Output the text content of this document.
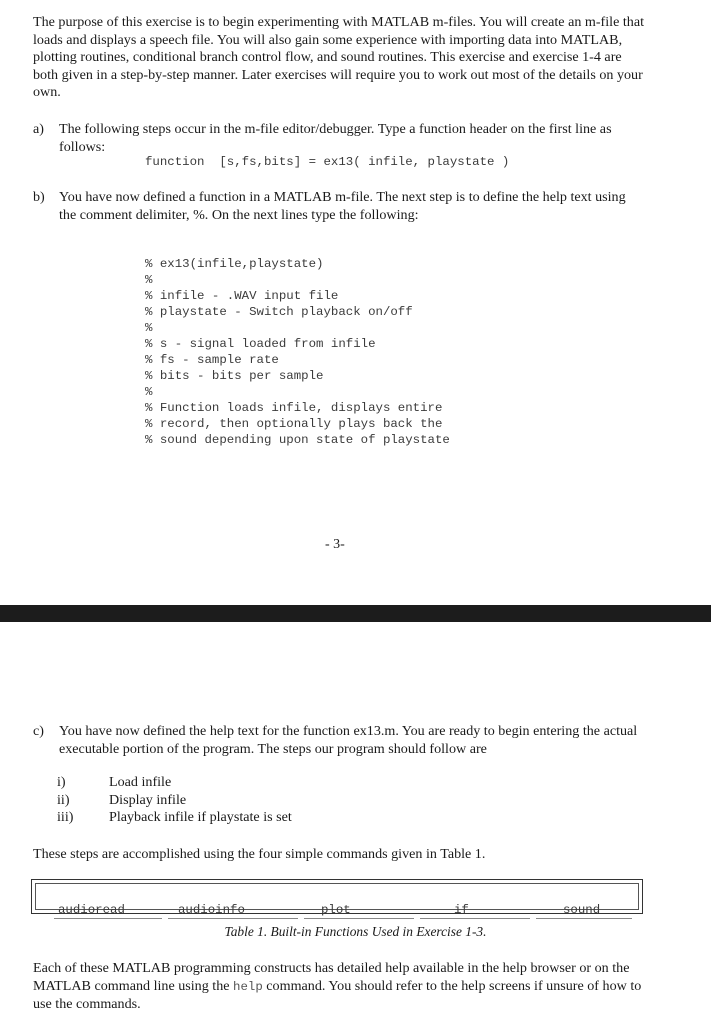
The purpose of this exercise is to begin experimenting with MATLAB m-files. You will create an m-file that loads and displays a speech file. You will also gain some experience with importing data into MATLAB, plotting routines, conditional branch control flow, and sound routines. This exercise and exercise 1-4 are both given in a step-by-step manner. Later exercises will require you to work out most of the details on your own.

a) The following steps occur in the m-file editor/debugger. Type a function header on the first line as follows:

function  [s,fs,bits] = ex13( infile, playstate )
b) You have now defined a function in a MATLAB m-file. The next step is to define the help text using the comment delimiter, %. On the next lines type the following:

% ex13(infile,playstate)
%
% infile - .WAV input file
% playstate - Switch playback on/off
%
% s - signal loaded from infile
% fs - sample rate
% bits - bits per sample
%
% Function loads infile, displays entire
% record, then optionally plays back the
% sound depending upon state of playstate
- 3-
c) You have now defined the help text for the function ex13.m. You are ready to begin entering the actual executable portion of the program. The steps our program should follow are

i)	Load infile
ii)	Display infile
iii)	Playback infile if playstate is set

These steps are accomplished using the four simple commands given in Table 1.

audioread	audioinfo	plot	if	sound
Table 1. Built-in Functions Used in Exercise 1-3.

Each of these MATLAB programming constructs has detailed help available in the help browser or on the MATLAB command line using the help command. You should refer to the help screens if unsure of how to use the commands.
